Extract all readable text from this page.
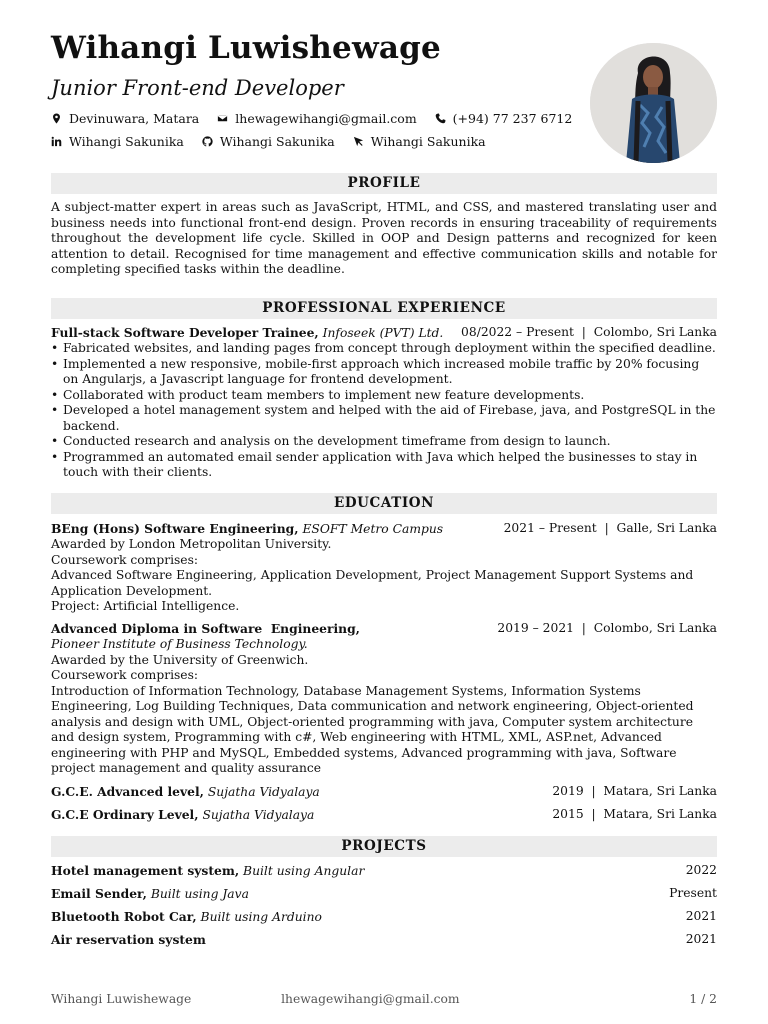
Wihangi Luwishewage
Junior Front-end Developer
Devinuwara, Matara	lhewagewihangi@gmail.com	(+94) 77 237 6712
Wihangi Sakunika	Wihangi Sakunika	Wihangi Sakunika
PROFILE
A subject-matter expert in areas such as JavaScript, HTML, and CSS, and mastered translating user and business needs into functional front-end design. Proven records in ensuring traceability of requirements throughout the development life cycle. Skilled in OOP and Design patterns and recognized for keen attention to detail. Recognised for time management and effective communication skills and notable for completing specified tasks within the deadline.
PROFESSIONAL EXPERIENCE
Full-stack Software Developer Trainee, Infoseek (PVT) Ltd. 08/2022 – Present  |  Colombo, Sri Lanka
• Fabricated websites, and landing pages from concept through deployment within the specified deadline.
• Implemented a new responsive, mobile-first approach which increased mobile traffic by 20% focusing on Angularjs, a Javascript language for frontend development.
• Collaborated with product team members to implement new feature developments.
• Developed a hotel management system and helped with the aid of Firebase, java, and PostgreSQL in the backend.
• Conducted research and analysis on the development timeframe from design to launch.
• Programmed an automated email sender application with Java which helped the businesses to stay in touch with their clients.
EDUCATION
BEng (Hons) Software Engineering, ESOFT Metro Campus	2021 – Present  |  Galle, Sri Lanka
Awarded by London Metropolitan University.
Coursework comprises:
Advanced Software Engineering, Application Development, Project Management Support Systems and Application Development.
Project: Artificial Intelligence.
Advanced Diploma in Software  Engineering,	2019 – 2021  |  Colombo, Sri Lanka
Pioneer Institute of Business Technology.
Awarded by the University of Greenwich.
Coursework comprises:
Introduction of Information Technology, Database Management Systems, Information Systems Engineering, Log Building Techniques, Data communication and network engineering, Object-oriented analysis and design with UML, Object-oriented programming with java, Computer system architecture and design system, Programming with c#, Web engineering with HTML, XML, ASP.net, Advanced engineering with PHP and MySQL, Embedded systems, Advanced programming with java, Software project management and quality assurance
G.C.E. Advanced level, Sujatha Vidyalaya	2019  |  Matara, Sri Lanka
G.C.E Ordinary Level, Sujatha Vidyalaya	2015  |  Matara, Sri Lanka
PROJECTS
Hotel management system, Built using Angular	2022
Email Sender, Built using Java	Present
Bluetooth Robot Car, Built using Arduino	2021
Air reservation system	2021
Wihangi Luwishewage	lhewagewihangi@gmail.com	1 / 2
